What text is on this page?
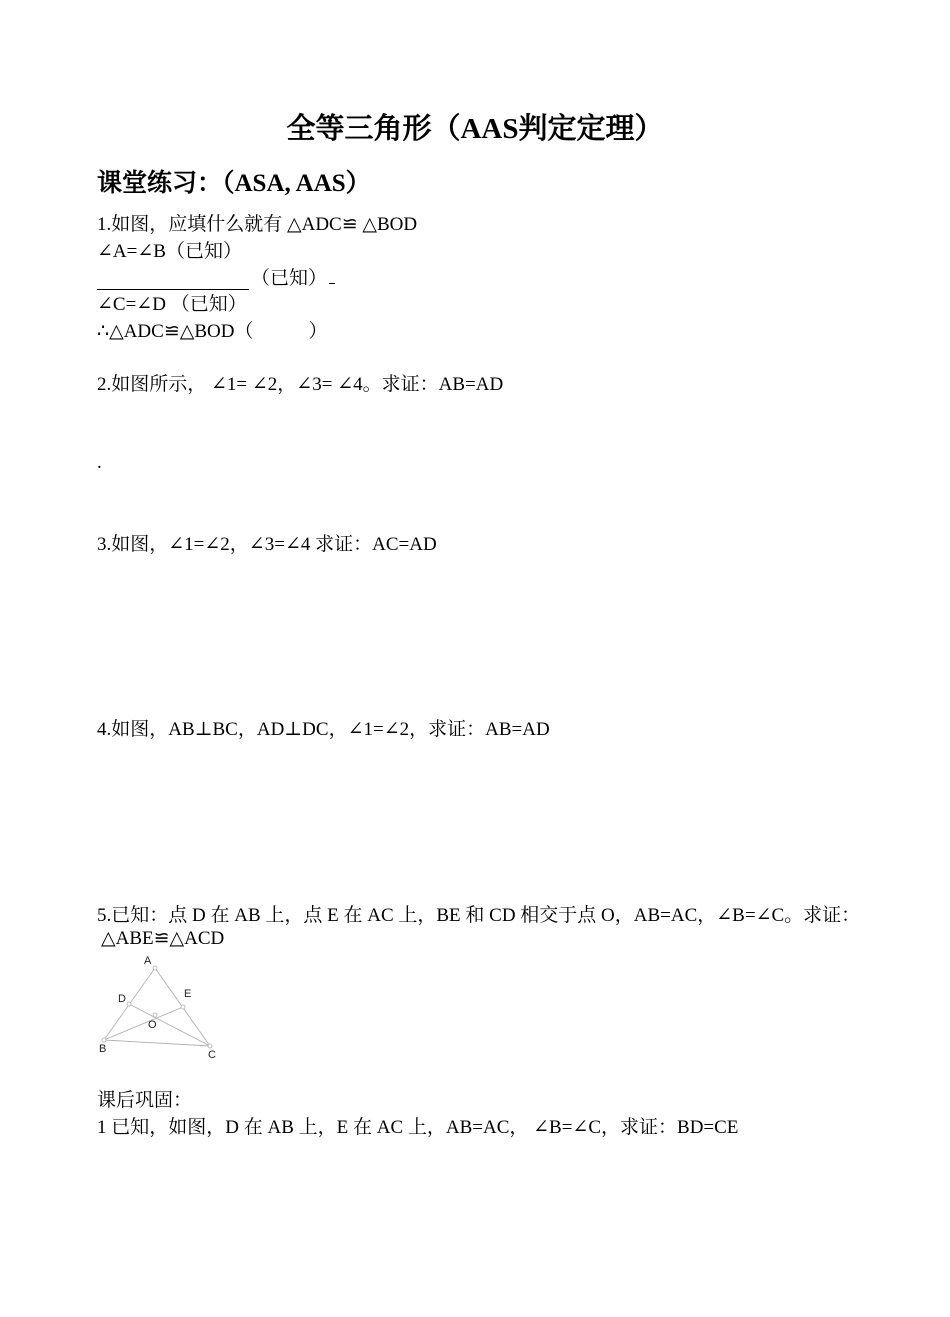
全等三角形（AAS判定定理）
课堂练习：（ASA, AAS）
1.如图，应填什么就有 △ADC≌ △BOD
∠A=∠B（已知）
（已知）
∠C=∠D （已知）
∴△ADC≌△BOD（	）
2.如图所示， ∠1= ∠2，∠3= ∠4。求证：AB=AD
.
3.如图，∠1=∠2，∠3=∠4 求证：AC=AD
4.如图，AB⊥BC，AD⊥DC，∠1=∠2，求证：AB=AD
5.已知：点 D 在 AB 上，点 E 在 AC 上，BE 和 CD 相交于点 O，AB=AC，∠B=∠C。求证：
△ABE≌△ACD
A
B	C
D	E
O
课后巩固：
1 已知，如图，D 在 AB 上，E 在 AC 上，AB=AC， ∠B=∠C，求证：BD=CE
